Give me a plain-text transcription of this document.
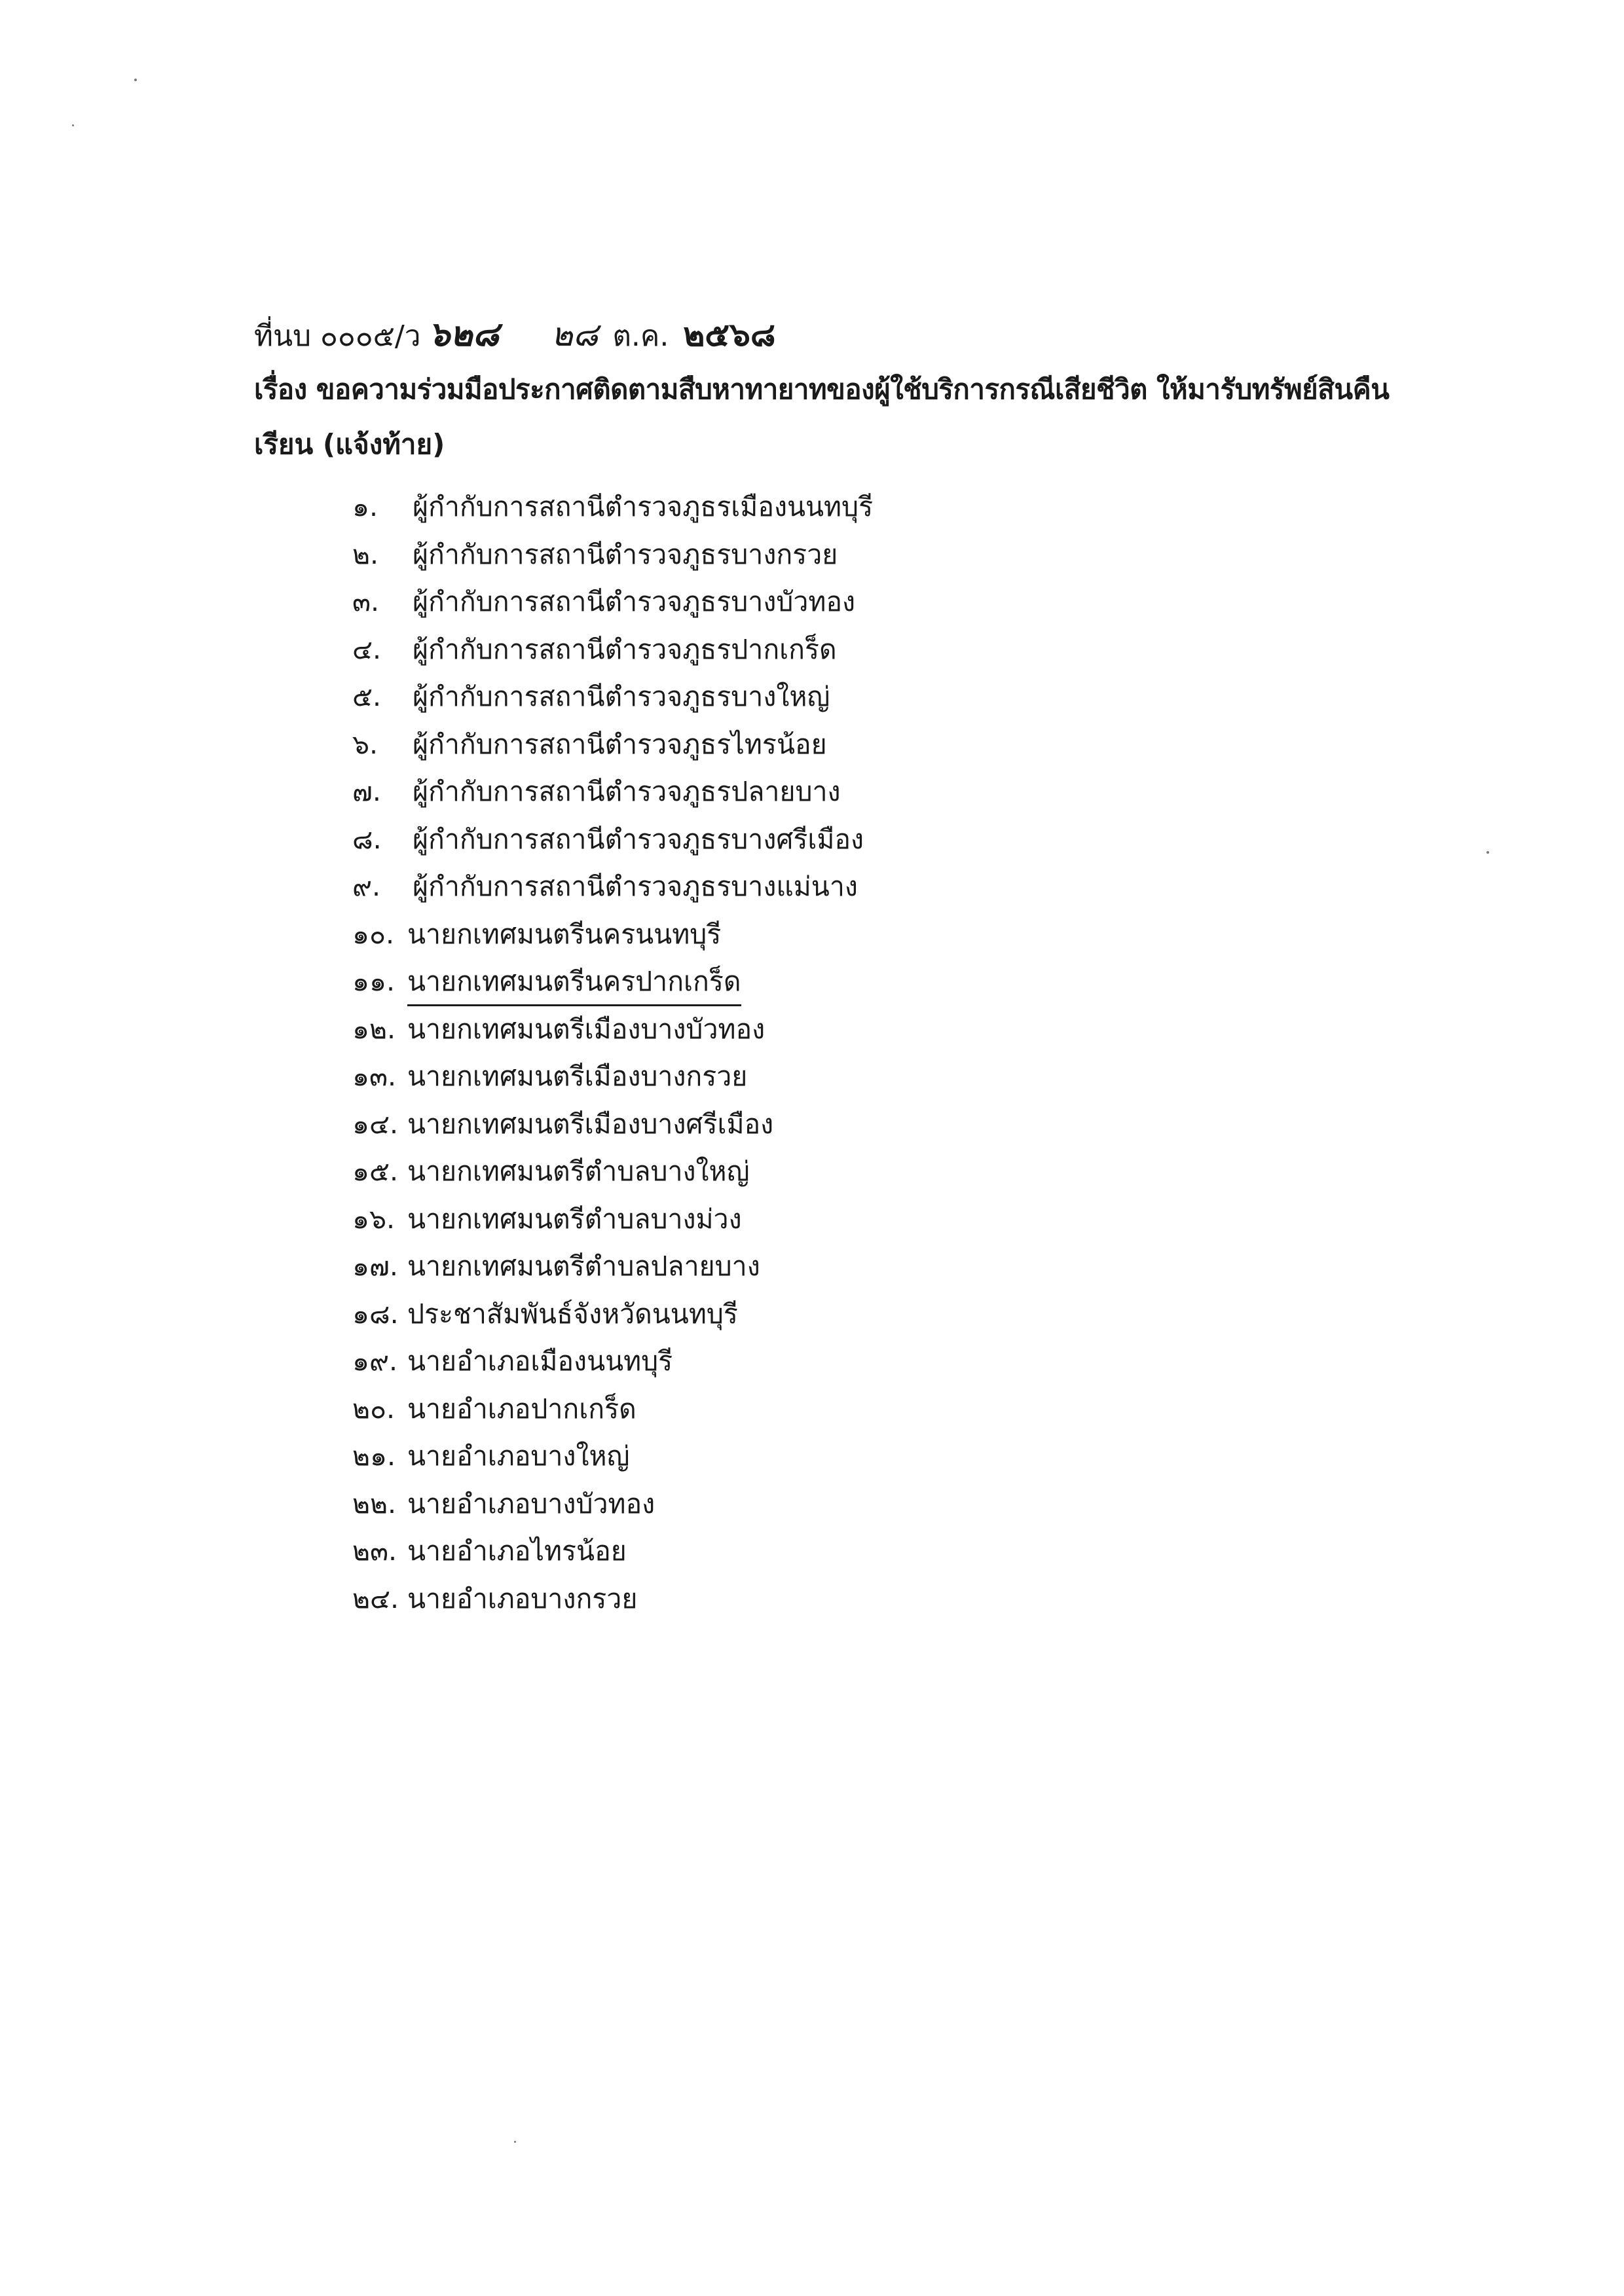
ที่นบ ๐๐๐๕/ว ๖๒๘ ๒๘ ต.ค. ๒๕๖๘
เรื่อง ขอความร่วมมือประกาศติดตามสืบหาทายาทของผู้ใช้บริการกรณีเสียชีวิต ให้มารับทรัพย์สินคืน
เรียน (แจ้งท้าย)
๑.	ผู้กำกับการสถานีตำรวจภูธรเมืองนนทบุรี
๒.	ผู้กำกับการสถานีตำรวจภูธรบางกรวย
๓.	ผู้กำกับการสถานีตำรวจภูธรบางบัวทอง
๔.	ผู้กำกับการสถานีตำรวจภูธรปากเกร็ด
๕.	ผู้กำกับการสถานีตำรวจภูธรบางใหญ่
๖.	ผู้กำกับการสถานีตำรวจภูธรไทรน้อย
๗.	ผู้กำกับการสถานีตำรวจภูธรปลายบาง
๘.	ผู้กำกับการสถานีตำรวจภูธรบางศรีเมือง
๙.	ผู้กำกับการสถานีตำรวจภูธรบางแม่นาง
๑๐. นายกเทศมนตรีนครนนทบุรี
๑๑. นายกเทศมนตรีนครปากเกร็ด
๑๒. นายกเทศมนตรีเมืองบางบัวทอง
๑๓. นายกเทศมนตรีเมืองบางกรวย
๑๔. นายกเทศมนตรีเมืองบางศรีเมือง
๑๕. นายกเทศมนตรีตำบลบางใหญ่
๑๖. นายกเทศมนตรีตำบลบางม่วง
๑๗. นายกเทศมนตรีตำบลปลายบาง
๑๘. ประชาสัมพันธ์จังหวัดนนทบุรี
๑๙. นายอำเภอเมืองนนทบุรี
๒๐. นายอำเภอปากเกร็ด
๒๑. นายอำเภอบางใหญ่
๒๒. นายอำเภอบางบัวทอง
๒๓. นายอำเภอไทรน้อย
๒๔. นายอำเภอบางกรวย
